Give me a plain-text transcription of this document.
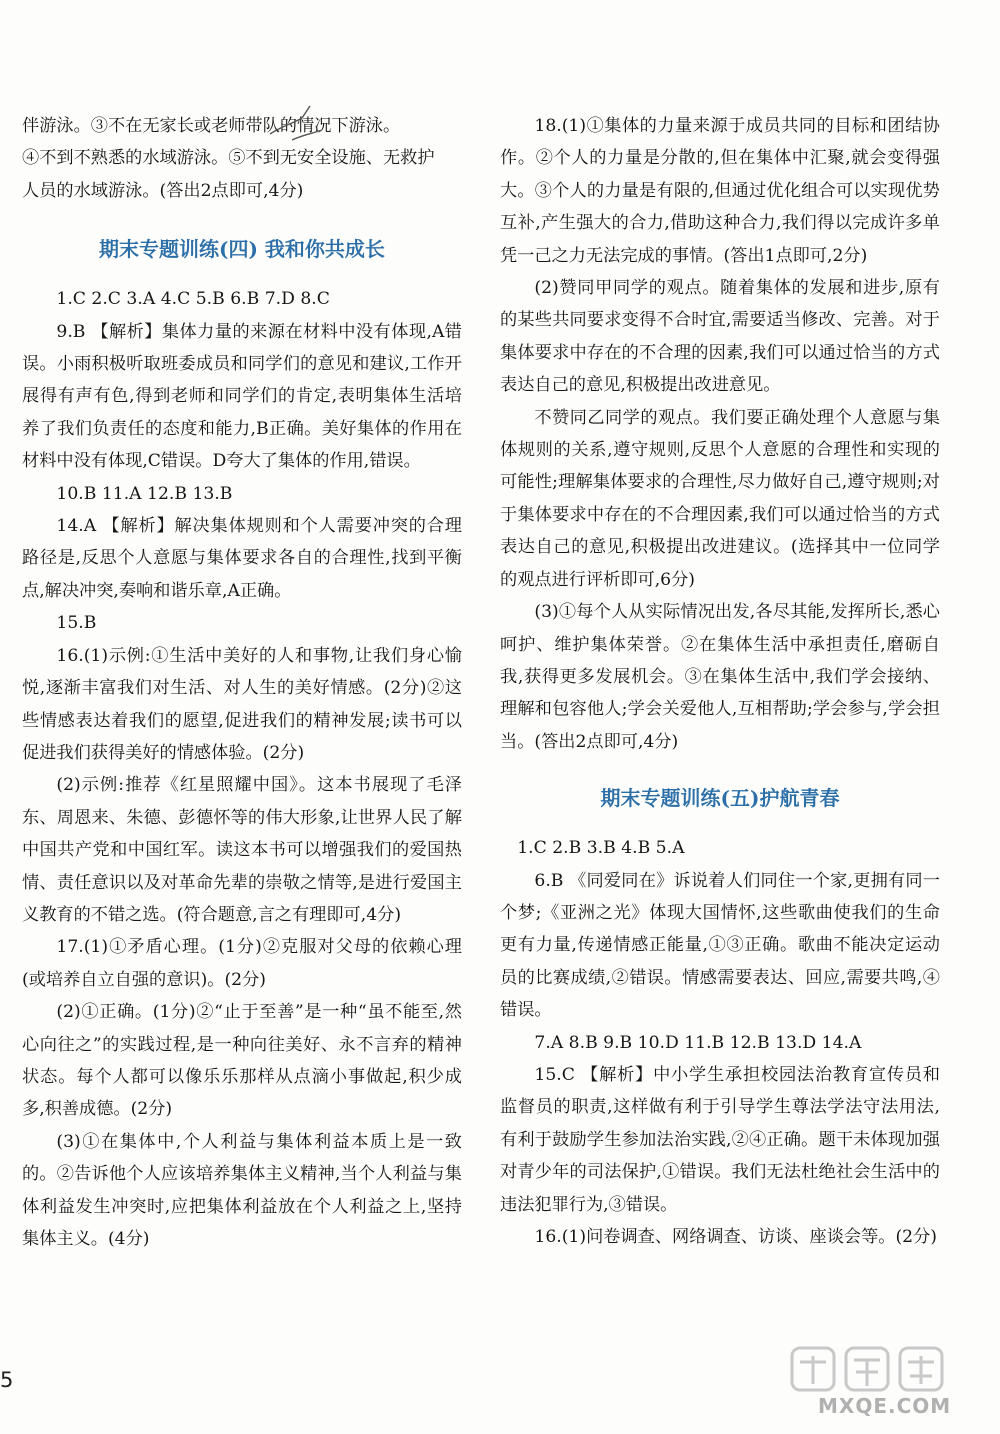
伴游泳。③不在无家长或老师带队的情况下游泳。

④不到不熟悉的水域游泳。⑤不到无安全设施、无救护

人员的水域游泳。(答出2点即可,4分)

期末专题训练(四) 我和你共成长

1.C 2.C 3.A 4.C 5.B 6.B 7.D 8.C

9.B 【解析】集体力量的来源在材料中没有体现,A错误。小雨积极听取班委成员和同学们的意见和建议,工作开展得有声有色,得到老师和同学们的肯定,表明集体生活培养了我们负责任的态度和能力,B正确。美好集体的作用在材料中没有体现,C错误。D夸大了集体的作用,错误。

10.B 11.A 12.B 13.B

14.A 【解析】解决集体规则和个人需要冲突的合理路径是,反思个人意愿与集体要求各自的合理性,找到平衡点,解决冲突,奏响和谐乐章,A正确。

15.B

16.(1)示例:①生活中美好的人和事物,让我们身心愉悦,逐渐丰富我们对生活、对人生的美好情感。(2分)②这些情感表达着我们的愿望,促进我们的精神发展;读书可以促进我们获得美好的情感体验。(2分)

(2)示例:推荐《红星照耀中国》。这本书展现了毛泽东、周恩来、朱德、彭德怀等的伟大形象,让世界人民了解中国共产党和中国红军。读这本书可以增强我们的爱国热情、责任意识以及对革命先辈的崇敬之情等,是进行爱国主义教育的不错之选。(符合题意,言之有理即可,4分)

17.(1)①矛盾心理。(1分)②克服对父母的依赖心理(或培养自立自强的意识)。(2分)

(2)①正确。(1分)②“止于至善”是一种“虽不能至,然心向往之”的实践过程,是一种向往美好、永不言弃的精神状态。每个人都可以像乐乐那样从点滴小事做起,积少成多,积善成德。(2分)

(3)①在集体中,个人利益与集体利益本质上是一致的。②告诉他个人应该培养集体主义精神,当个人利益与集体利益发生冲突时,应把集体利益放在个人利益之上,坚持集体主义。(4分)

18.(1)①集体的力量来源于成员共同的目标和团结协作。②个人的力量是分散的,但在集体中汇聚,就会变得强大。③个人的力量是有限的,但通过优化组合可以实现优势互补,产生强大的合力,借助这种合力,我们得以完成许多单凭一己之力无法完成的事情。(答出1点即可,2分)

(2)赞同甲同学的观点。随着集体的发展和进步,原有的某些共同要求变得不合时宜,需要适当修改、完善。对于集体要求中存在的不合理的因素,我们可以通过恰当的方式表达自己的意见,积极提出改进意见。

不赞同乙同学的观点。我们要正确处理个人意愿与集体规则的关系,遵守规则,反思个人意愿的合理性和实现的可能性;理解集体要求的合理性,尽力做好自己,遵守规则;对于集体要求中存在的不合理因素,我们可以通过恰当的方式表达自己的意见,积极提出改进建议。(选择其中一位同学的观点进行评析即可,6分)

(3)①每个人从实际情况出发,各尽其能,发挥所长,悉心呵护、维护集体荣誉。②在集体生活中承担责任,磨砺自我,获得更多发展机会。③在集体生活中,我们学会接纳、理解和包容他人;学会关爱他人,互相帮助;学会参与,学会担当。(答出2点即可,4分)

期末专题训练(五)护航青春

1.C 2.B 3.B 4.B 5.A

6.B 《同爱同在》诉说着人们同住一个家,更拥有同一个梦;《亚洲之光》体现大国情怀,这些歌曲使我们的生命更有力量,传递情感正能量,①③正确。歌曲不能决定运动员的比赛成绩,②错误。情感需要表达、回应,需要共鸣,④错误。

7.A 8.B 9.B 10.D 11.B 12.B 13.D 14.A

15.C 【解析】中小学生承担校园法治教育宣传员和监督员的职责,这样做有利于引导学生尊法学法守法用法,有利于鼓励学生参加法治实践,②④正确。题干未体现加强对青少年的司法保护,①错误。我们无法杜绝社会生活中的违法犯罪行为,③错误。

16.(1)问卷调查、网络调查、访谈、座谈会等。(2分)

5
MXQE.COM
